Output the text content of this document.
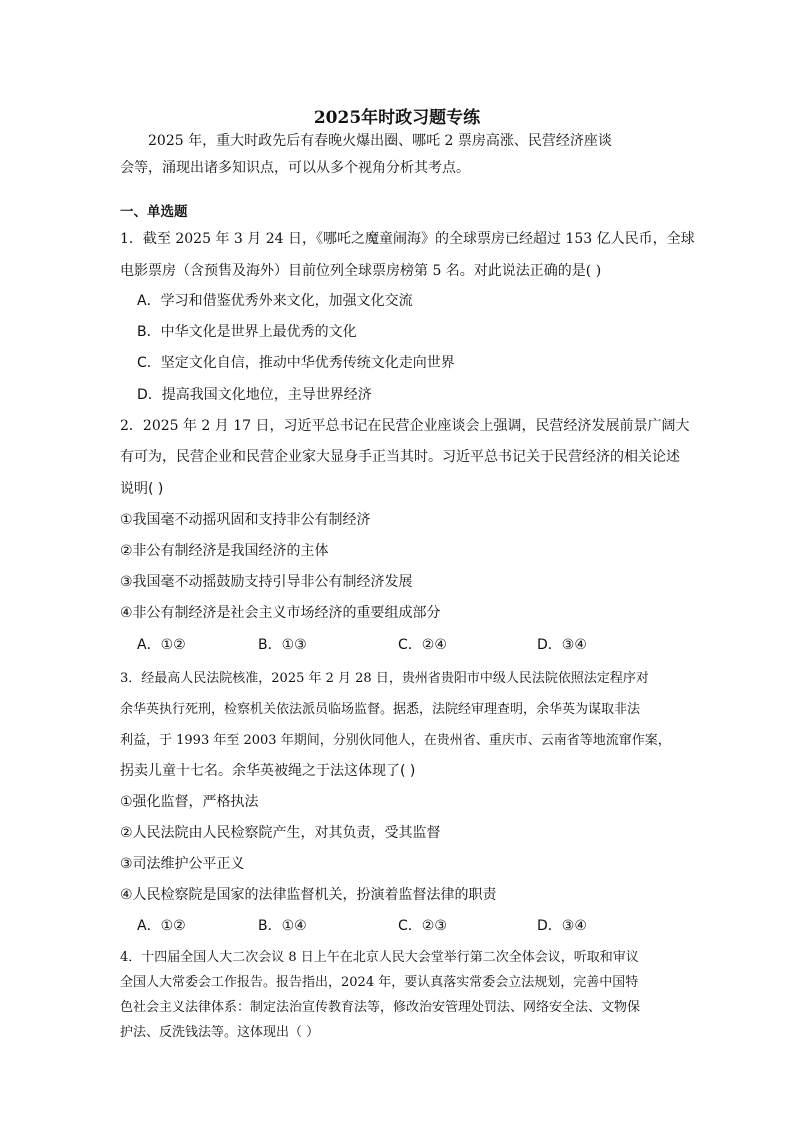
2025年时政习题专练
2025 年，重大时政先后有春晚火爆出圈、哪吒 2 票房高涨、民营经济座谈
会等，涌现出诸多知识点，可以从多个视角分析其考点。
一、单选题
1．截至 2025 年 3 月 24 日，《哪吒之魔童闹海》的全球票房已经超过 153 亿人民币，全球
电影票房（含预售及海外）目前位列全球票房榜第 5 名。对此说法正确的是( )
A．学习和借鉴优秀外来文化，加强文化交流
B．中华文化是世界上最优秀的文化
C．坚定文化自信，推动中华优秀传统文化走向世界
D．提高我国文化地位，主导世界经济
2．2025 年 2 月 17 日，习近平总书记在民营企业座谈会上强调，民营经济发展前景广阔大
有可为，民营企业和民营企业家大显身手正当其时。习近平总书记关于民营经济的相关论述
说明( )
①我国毫不动摇巩固和支持非公有制经济
②非公有制经济是我国经济的主体
③我国毫不动摇鼓励支持引导非公有制经济发展
④非公有制经济是社会主义市场经济的重要组成部分
A．①②	B．①③	C．②④	D．③④
3．经最高人民法院核准，2025 年 2 月 28 日，贵州省贵阳市中级人民法院依照法定程序对
余华英执行死刑，检察机关依法派员临场监督。据悉，法院经审理查明，余华英为谋取非法
利益，于 1993 年至 2003 年期间，分别伙同他人，在贵州省、重庆市、云南省等地流窜作案，
拐卖儿童十七名。余华英被绳之于法这体现了( )
①强化监督，严格执法
②人民法院由人民检察院产生，对其负责，受其监督
③司法维护公平正义
④人民检察院是国家的法律监督机关，扮演着监督法律的职责
A．①②	B．①④	C．②③	D．③④
4．十四届全国人大二次会议 8 日上午在北京人民大会堂举行第二次全体会议，听取和审议
全国人大常委会工作报告。报告指出，2024 年，要认真落实常委会立法规划，完善中国特
色社会主义法律体系：制定法治宣传教育法等，修改治安管理处罚法、网络安全法、文物保
护法、反洗钱法等。这体现出（ ）
